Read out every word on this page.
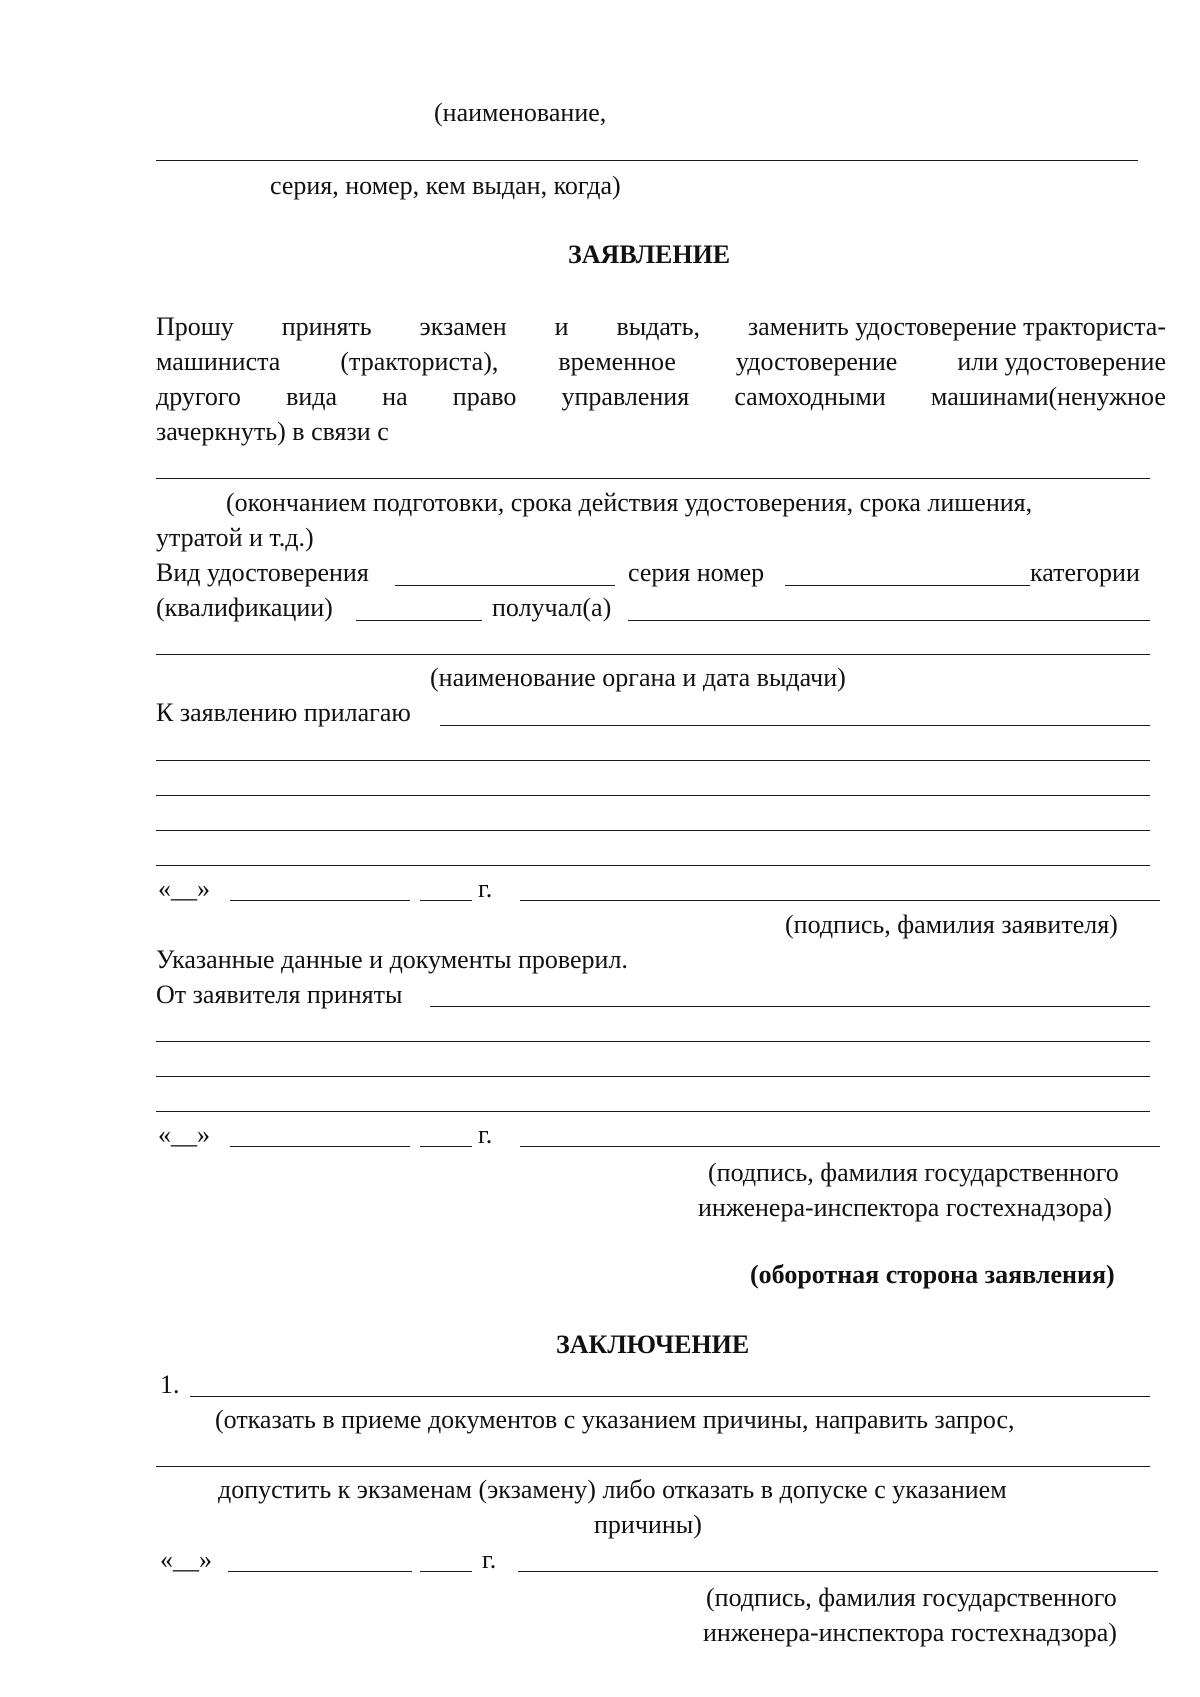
(наименование,
серия, номер, кем выдан, когда)
ЗАЯВЛЕНИЕ
Прошу принять экзамен и выдать, заменить удостоверение тракториста-
машиниста (тракториста), временное удостоверение или удостоверение
другого вида на право управления самоходными машинами(ненужное
зачеркнуть) в связи с
(окончанием подготовки, срока действия удостоверения, срока лишения,
утратой и т.д.)
Вид удостоверения	серия номер	категории
(квалификации)	получал(а)
(наименование органа и дата выдачи)
К заявлению прилагаю
«__»	г.
(подпись, фамилия заявителя)
Указанные данные и документы проверил.
От заявителя приняты
«__»	г.
(подпись, фамилия государственного
инженера-инспектора гостехнадзора)
(оборотная сторона заявления)
ЗАКЛЮЧЕНИЕ
1.
(отказать в приеме документов с указанием причины, направить запрос,
допустить к экзаменам (экзамену) либо отказать в допуске с указанием
причины)
«__»	г.
(подпись, фамилия государственного
инженера-инспектора гостехнадзора)
